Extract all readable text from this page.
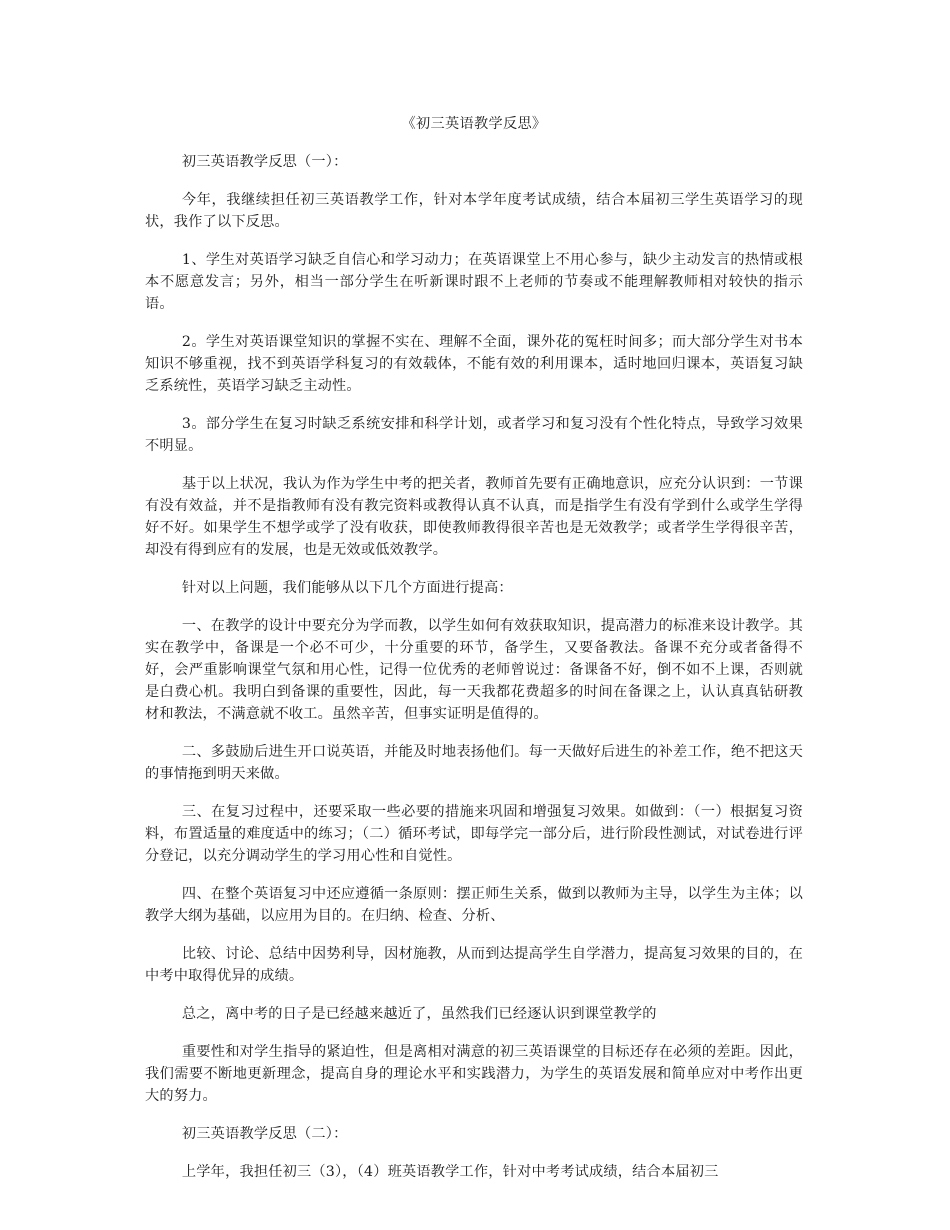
《初三英语教学反思》

初三英语教学反思（一）：

今年，我继续担任初三英语教学工作，针对本学年度考试成绩，结合本届初三学生英语学习的现状，我作了以下反思。

1、学生对英语学习缺乏自信心和学习动力；在英语课堂上不用心参与，缺少主动发言的热情或根本不愿意发言；另外，相当一部分学生在听新课时跟不上老师的节奏或不能理解教师相对较快的指示语。

2。学生对英语课堂知识的掌握不实在、理解不全面，课外花的冤枉时间多；而大部分学生对书本知识不够重视，找不到英语学科复习的有效载体，不能有效的利用课本，适时地回归课本，英语复习缺乏系统性，英语学习缺乏主动性。

3。部分学生在复习时缺乏系统安排和科学计划，或者学习和复习没有个性化特点，导致学习效果不明显。

基于以上状况，我认为作为学生中考的把关者，教师首先要有正确地意识，应充分认识到：一节课有没有效益，并不是指教师有没有教完资料或教得认真不认真，而是指学生有没有学到什么或学生学得好不好。如果学生不想学或学了没有收获，即使教师教得很辛苦也是无效教学；或者学生学得很辛苦，却没有得到应有的发展，也是无效或低效教学。

针对以上问题，我们能够从以下几个方面进行提高：

一、在教学的设计中要充分为学而教，以学生如何有效获取知识，提高潜力的标准来设计教学。其实在教学中，备课是一个必不可少，十分重要的环节，备学生，又要备教法。备课不充分或者备得不好，会严重影响课堂气氛和用心性，记得一位优秀的老师曾说过：备课备不好，倒不如不上课，否则就是白费心机。我明白到备课的重要性，因此，每一天我都花费超多的时间在备课之上，认认真真钻研教材和教法，不满意就不收工。虽然辛苦，但事实证明是值得的。

二、多鼓励后进生开口说英语，并能及时地表扬他们。每一天做好后进生的补差工作，绝不把这天的事情拖到明天来做。

三、在复习过程中，还要采取一些必要的措施来巩固和增强复习效果。如做到：（一）根据复习资料，布置适量的难度适中的练习；（二）循环考试，即每学完一部分后，进行阶段性测试，对试卷进行评分登记，以充分调动学生的学习用心性和自觉性。

四、在整个英语复习中还应遵循一条原则：摆正师生关系，做到以教师为主导，以学生为主体；以教学大纲为基础，以应用为目的。在归纳、检查、分析、

比较、讨论、总结中因势利导，因材施教，从而到达提高学生自学潜力，提高复习效果的目的，在中考中取得优异的成绩。

总之，离中考的日子是已经越来越近了，虽然我们已经逐认识到课堂教学的

重要性和对学生指导的紧迫性，但是离相对满意的初三英语课堂的目标还存在必须的差距。因此，我们需要不断地更新理念，提高自身的理论水平和实践潜力，为学生的英语发展和简单应对中考作出更大的努力。

初三英语教学反思（二）：

上学年，我担任初三（3），（4）班英语教学工作，针对中考考试成绩，结合本届初三
